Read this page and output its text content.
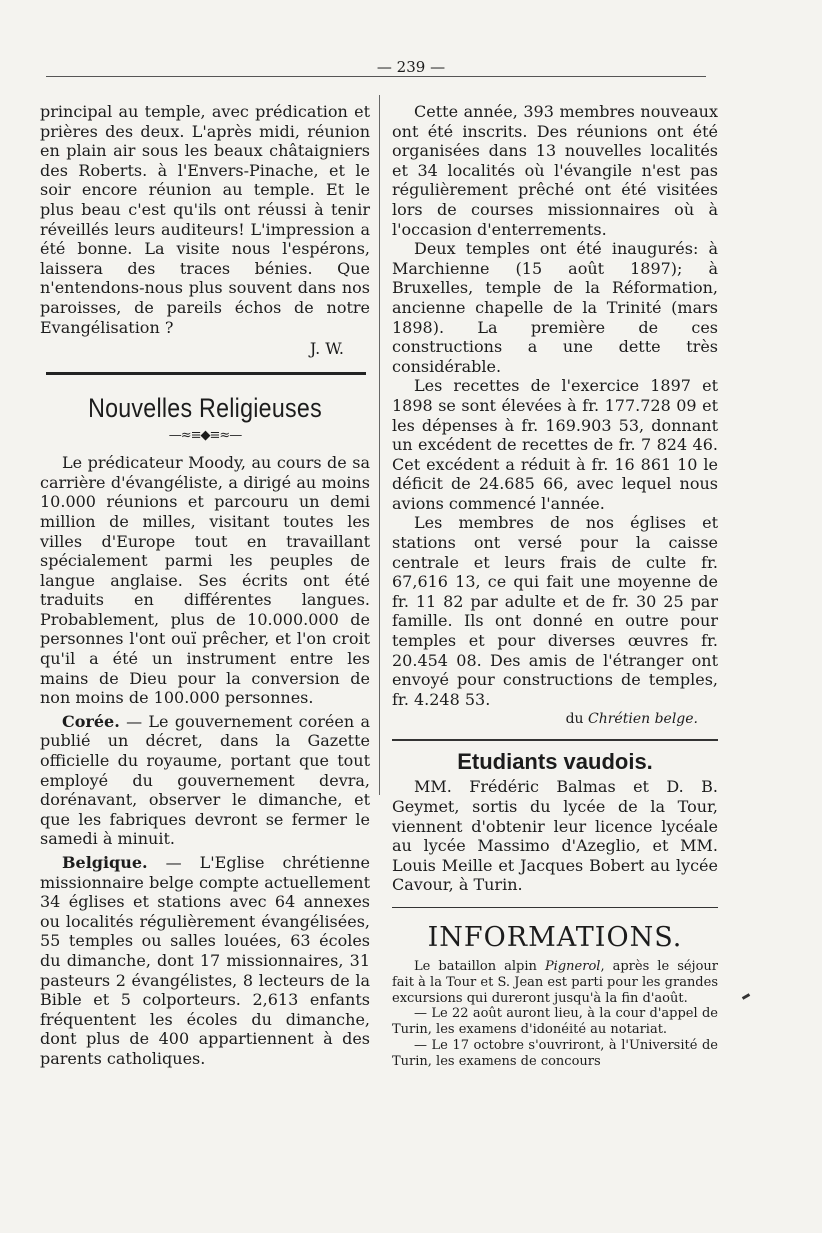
— 239 —

principal au temple, avec prédication et prières des deux. L'après midi, réunion en plain air sous les beaux châtaigniers des Roberts. à l'Envers-Pinache, et le soir encore réunion au temple. Et le plus beau c'est qu'ils ont réussi à tenir réveillés leurs auditeurs! L'impression a été bonne. La visite nous l'espérons, laissera des traces bénies. Que n'entendons-nous plus souvent dans nos paroisses, de pareils échos de notre Evangélisation ?

J. W.
Nouvelles Religieuses
—≈≡◆≡≈—

Le prédicateur Moody, au cours de sa carrière d'évangéliste, a dirigé au moins 10.000 réunions et parcouru un demi million de milles, visitant toutes les villes d'Europe tout en travaillant spécialement parmi les peuples de langue anglaise. Ses écrits ont été traduits en différentes langues. Probablement, plus de 10.000.000 de personnes l'ont ouï prêcher, et l'on croit qu'il a été un instrument entre les mains de Dieu pour la conversion de non moins de 100.000 personnes.

Corée. — Le gouvernement coréen a publié un décret, dans la Gazette officielle du royaume, portant que tout employé du gouvernement devra, dorénavant, observer le dimanche, et que les fabriques devront se fermer le samedi à minuit.

Belgique. — L'Eglise chrétienne missionnaire belge compte actuellement 34 églises et stations avec 64 annexes ou localités régulièrement évangélisées, 55 temples ou salles louées, 63 écoles du dimanche, dont 17 missionnaires, 31 pasteurs 2 évangélistes, 8 lecteurs de la Bible et 5 colporteurs. 2,613 enfants fréquentent les écoles du dimanche, dont plus de 400 appartiennent à des parents catholiques.

Cette année, 393 membres nouveaux ont été inscrits. Des réunions ont été organisées dans 13 nouvelles localités et 34 localités où l'évangile n'est pas régulièrement prêché ont été visitées lors de courses missionnaires où à l'occasion d'enterrements.

Deux temples ont été inaugurés: à Marchienne (15 août 1897); à Bruxelles, temple de la Réformation, ancienne chapelle de la Trinité (mars 1898). La première de ces constructions a une dette très considérable.

Les recettes de l'exercice 1897 et 1898 se sont élevées à fr. 177.728 09 et les dépenses à fr. 169.903 53, donnant un excédent de recettes de fr. 7 824 46. Cet excédent a réduit à fr. 16 861 10 le déficit de 24.685 66, avec lequel nous avions commencé l'année.

Les membres de nos églises et stations ont versé pour la caisse centrale et leurs frais de culte fr. 67,616 13, ce qui fait une moyenne de fr. 11 82 par adulte et de fr. 30 25 par famille. Ils ont donné en outre pour temples et pour diverses œuvres fr. 20.454 08. Des amis de l'étranger ont envoyé pour constructions de temples, fr. 4.248 53.

du Chrétien belge.
Etudiants vaudois.

MM. Frédéric Balmas et D. B. Geymet, sortis du lycée de la Tour, viennent d'obtenir leur licence lycéale au lycée Massimo d'Azeglio, et MM. Louis Meille et Jacques Bobert au lycée Cavour, à Turin.

INFORMATIONS.

Le bataillon alpin Pignerol, après le séjour fait à la Tour et S. Jean est parti pour les grandes excursions qui dureront jusqu'à la fin d'août.

— Le 22 août auront lieu, à la cour d'appel de Turin, les examens d'idonéité au notariat.

— Le 17 octobre s'ouvriront, à l'Université de Turin, les examens de concours
